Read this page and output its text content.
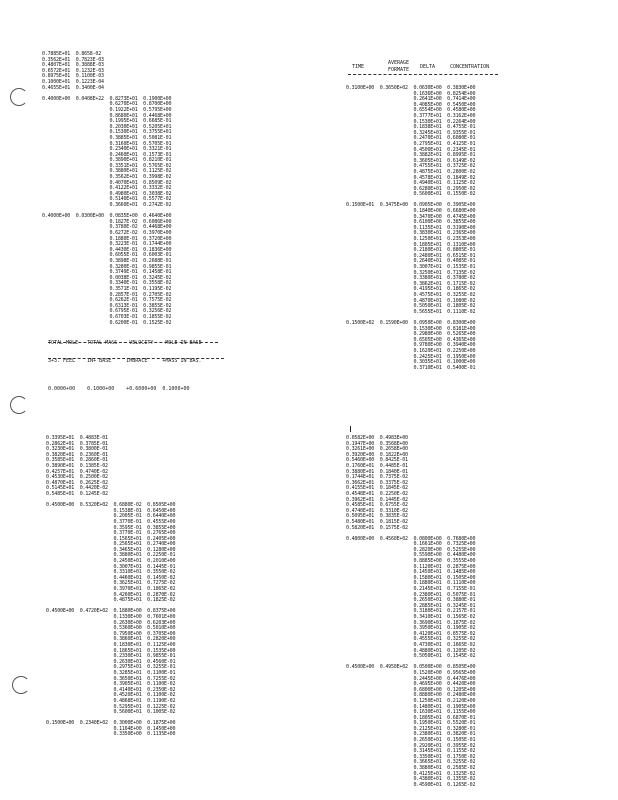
0.7885E+01  0.8658-02
0.3562E+01  0.7823E-03
0.4807E+01  0.3888E-03
0.6572E+01  0.1232E-03
0.8975E+01  0.1100E-03
0.1000E+01  0.1223E-04
0.4655E+01  0.3400E-04

0.4000E+00  0.0408E+22  0.8273E+01  0.1900E+00
0.6270E+01  0.8700E+00
0.1922E+01  0.5795E+00
0.8680E+01  0.4468E+00
0.1995E+01  0.6685E-01
0.2030E+01  0.5205E+01
0.1530E+01  0.3755E+01
0.3885E+01  0.5081E-01
0.3160E+01  0.5705E-01
0.2340E+01  0.3321E-01
0.2460E+01  0.1573E-01
0.3890E+01  0.8210E-01
0.3351E+01  0.5765E-02
0.3880E+01  0.1125E-02
0.3562E+01  0.3998E-02
0.4070E+01  0.8509E-02
0.4122E+01  0.3332E-02
0.4980E+01  0.3038E-02
0.5140E+01  0.5577E-02
0.3660E+01  0.2742E-02

0.4000E+00  0.0300E+00  0.0835E+00  0.4640E+00
0.1827E-02  0.6086E+00
0.3780E-02  0.4468E+00
0.6272E-02  0.3970E+00
0.1880E-01  0.3720E+00
0.3223E-01  0.1744E+00
0.4430E-01  0.1836E+00
0.6055E-01  0.6003E-01
0.3898E-01  0.2688E-01
0.3280E-01  0.9855E-01
0.3749E-01  0.1458E-01
0.0038E-01  0.3245E-02
0.3340E-01  0.3558E-02
0.3571E-01  0.1195E-02
0.2857E-01  0.2705E-02
0.6262E-01  0.7575E-02
0.6313E-01  0.3855E-02
0.6795E-01  0.3256E-02
0.6703E-01  0.1855E-02
0.6200E-01  0.1525E-02

TOTAL MOLE   TOTAL MASS    VELOCITY    MOLE IN BASE

3+3. FEEL    IN+ BASE     IMBRACE     +MASS IN BAS.

0.0000+00    0.1000+00    +0.6000+00  0.1000+00

TIME

AVERAGE

FORMATE

DELTA

	CONCENTRATION

0.3100E+00  0.3650E+02  0.0630E+00  0.3830E+00
0.1636E+00  0.8254E+00
0.2641E+00  0.7414E+00
0.4085E+00  0.5450E+00
0.6554E+00  0.4580E+00
0.3777E+01  0.3162E+00
0.1530E+01  0.2264E+00
0.1838E+01  0.4755E-01
0.3245E+01  0.9355E-01
0.2470E+01  0.6080E-01
0.2795E+01  0.4125E-01
0.4500E+01  0.2345E-01
0.3882E+01  0.8995E-01
0.3605E+01  0.6149E-02
0.4755E+01  0.3725E-02
0.4875E+01  0.2800E-02
0.4578E+01  0.1849E-02
0.4940E+01  0.1125E-02
0.6280E+01  0.2950E-02
0.5600E+01  0.1550E-02

0.1500E+01  0.3475E+00  0.0905E+00  0.3905E+00
0.1840E+00  0.6680E+00
0.3470E+00  0.4745E+00
0.6100E+00  0.3855E+00
0.1135E+01  0.3190E+00
0.3830E+01  0.2365E+00
0.1250E+01  0.2353E+00
0.1805E+01  0.1310E+00
0.2180E+01  0.8805E-01
0.2480E+01  0.6515E-01
0.2640E+01  0.4085E-01
0.3007E+01  0.1535E-01
0.3250E+01  0.7135E-02
0.3380E+01  0.3780E-02
0.3862E+01  0.1715E-02
0.4195E+01  0.1865E-02
0.4575E+01  0.3255E-02
0.4870E+01  0.1080E-02
0.5050E+01  0.1805E-02
0.5655E+01  0.1110E-02

0.1500E+02  0.1590E+00  0.0950E+00  0.8300E+00
0.1530E+00  0.8181E+00
0.2980E+00  0.5265E+00
0.6505E+00  0.4365E+00
0.9780E+00  0.3940E+00
0.1620E+01  0.2250E+00
0.2425E+01  0.1950E+00
0.3035E+01  0.1000E+00
0.3710E+01  0.5400E-01
0.3395E+01  0.4883E-01
0.2862E+01  0.3785E-01
0.3230E+01  0.3800E-01
0.3820E+01  0.2360E-01
0.3585E+01  0.2860E-01
0.3890E+01  0.1385E-02
0.4257E+01  0.4740E-02
0.4530E+01  0.2500E-02
0.4870E+01  0.2625E-02
0.5145E+01  0.4420E-02
0.5485E+01  0.1245E-02

0.4500E+00  0.5320E+02  0.6880E-02  0.8505E+00
0.1538E-01  0.6450E+00
0.2005E-01  0.6440E+00
0.3770E-01  0.4555E+00
0.3595E-01  0.3855E+00
0.3770E-01  0.2765E+00
0.1565E+01  0.2405E+00
0.2565E+01  0.2740E+00
0.3465E+01  0.1280E+00
0.3880E+01  0.2250E-01
0.2450E+01  0.2010E+00
0.3007E+01  0.1445E-01
0.3310E+01  0.3550E-02
0.4460E+01  0.1450E-02
0.3625E+01  0.7275E-02
0.3970E+01  0.1865E-02
0.4260E+01  0.2870E-02
0.4875E+01  0.1825E-02

0.4500E+00  0.4720E+02  0.1880E+00  0.8375E+00
0.1330E+00  0.7601E+00
0.2630E+00  0.6203E+00
0.5360E+00  0.5010E+00
0.7950E+00  0.3705E+00
0.3860E+01  0.2820E+00
0.1830E+01  0.1125E+00
0.1865E+01  0.1535E+00
0.2330E+01  0.9855E-01
0.2630E+01  0.4560E-01
0.2975E+01  0.3255E-01
0.3285E+01  0.1100E-01
0.3650E+01  0.7255E-02
0.3905E+01  0.1100E-02
0.4140E+01  0.2350E-02
0.4520E+01  0.1100E-02
0.4868E+01  0.1190E-02
0.5295E+01  0.1225E-02
0.5600E+01  0.1005E-02

0.1500E+00  0.2340E+02  0.3000E+00  0.1875E+00
0.1164E+00  0.1450E+00
0.3350E+00  0.1135E+00
0.0582E+00  0.4983E+00
0.1947E+00  0.3568E+00
0.3261E+00  0.2658E+00
0.3920E+00  0.1822E+00
0.5460E+00  0.8425E-01
0.1760E+01  0.4485E-01
0.3880E+01  0.1840E-01
0.1744E+01  0.7375E-02
0.3662E+01  0.3375E-02
0.4155E+01  0.1845E-02
0.4548E+01  0.2250E-02
0.3962E+01  0.1445E-02
0.4585E+01  0.6755E-02
0.4740E+01  0.3310E-02
0.5095E+01  0.3835E-02
0.5480E+01  0.1815E-02
0.5820E+01  0.1575E-02

0.4800E+00  0.4560E+02  0.0800E+00  0.7680E+00
0.1661E+00  0.7325E+00
0.2820E+00  0.5255E+00
0.5590E+00  0.4480E+00
0.8885E+00  0.3555E+00
0.1120E+01  0.2875E+00
0.1450E+01  0.1485E+00
0.1580E+01  0.1505E+00
0.1880E+01  0.1110E+00
0.2145E+01  0.7155E-01
0.2380E+01  0.5075E-01
0.2650E+01  0.3880E-01
0.2885E+01  0.3245E-01
0.3180E+01  0.2157E-01
0.3410E+01  0.1565E-02
0.3690E+01  0.1875E-02
0.3950E+01  0.1905E-02
0.4120E+01  0.8575E-02
0.4555E+01  0.3255E-02
0.4730E+01  0.1665E-02
0.4880E+01  0.1205E-02
0.5050E+01  0.1545E-02

0.4500E+00  0.4950E+02  0.0500E+00  0.8505E+00
0.1520E+00  0.9565E+00
0.2445E+00  0.4476E+00
0.4695E+00  0.4420E+00
0.6800E+00  0.1205E+00
0.8880E+00  0.2480E+00
0.1250E+01  0.2120E+00
0.1480E+01  0.1905E+00
0.1630E+01  0.1155E+00
0.1805E+01  0.6870E-01
0.1950E+01  0.5520E-01
0.2125E+01  0.3280E-01
0.2380E+01  0.3820E-01
0.2650E+01  0.1505E-01
0.2920E+01  0.3955E-02
0.3145E+01  0.1155E-02
0.3350E+01  0.1750E-02
0.3665E+01  0.3255E-02
0.3880E+01  0.2585E-02
0.4125E+01  0.1325E-02
0.4380E+01  0.1355E-02
0.4590E+01  0.1265E-02
